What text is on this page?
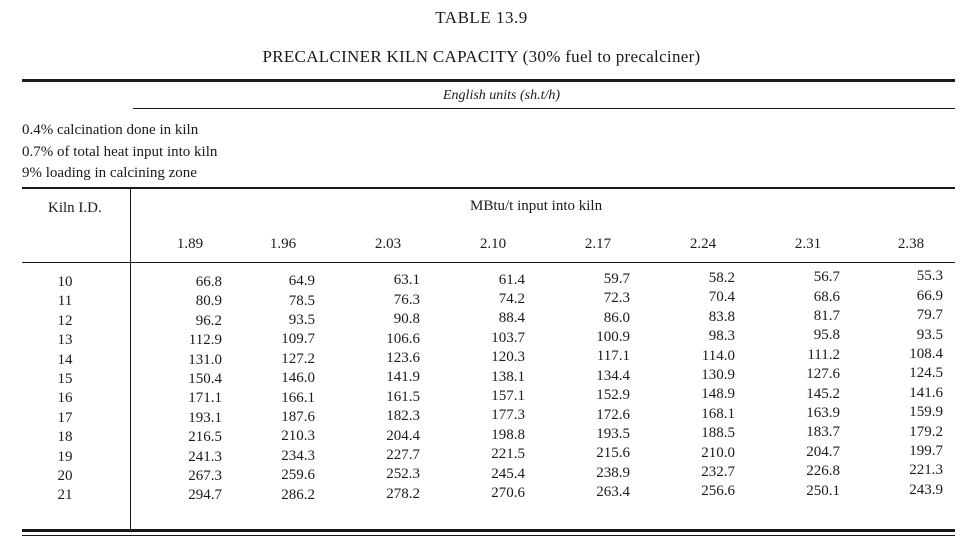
TABLE 13.9
PRECALCINER KILN CAPACITY (30% fuel to precalciner)
English units (sh.t/h)
0.4% calcination done in kiln
0.7% of total heat input into kiln
9% loading in calcining zone
Kiln I.D.	MBtu/t input into kiln
1.89	1.96	2.03	2.10	2.17	2.24	2.31	2.38
10	66.8	64.9	63.1	61.4	59.7	58.2	56.7	55.3
11	80.9	78.5	76.3	74.2	72.3	70.4	68.6	66.9
12	96.2	93.5	90.8	88.4	86.0	83.8	81.7	79.7
13	112.9	109.7	106.6	103.7	100.9	98.3	95.8	93.5
14	131.0	127.2	123.6	120.3	117.1	114.0	111.2	108.4
15	150.4	146.0	141.9	138.1	134.4	130.9	127.6	124.5
16	171.1	166.1	161.5	157.1	152.9	148.9	145.2	141.6
17	193.1	187.6	182.3	177.3	172.6	168.1	163.9	159.9
18	216.5	210.3	204.4	198.8	193.5	188.5	183.7	179.2
19	241.3	234.3	227.7	221.5	215.6	210.0	204.7	199.7
20	267.3	259.6	252.3	245.4	238.9	232.7	226.8	221.3
21	294.7	286.2	278.2	270.6	263.4	256.6	250.1	243.9
